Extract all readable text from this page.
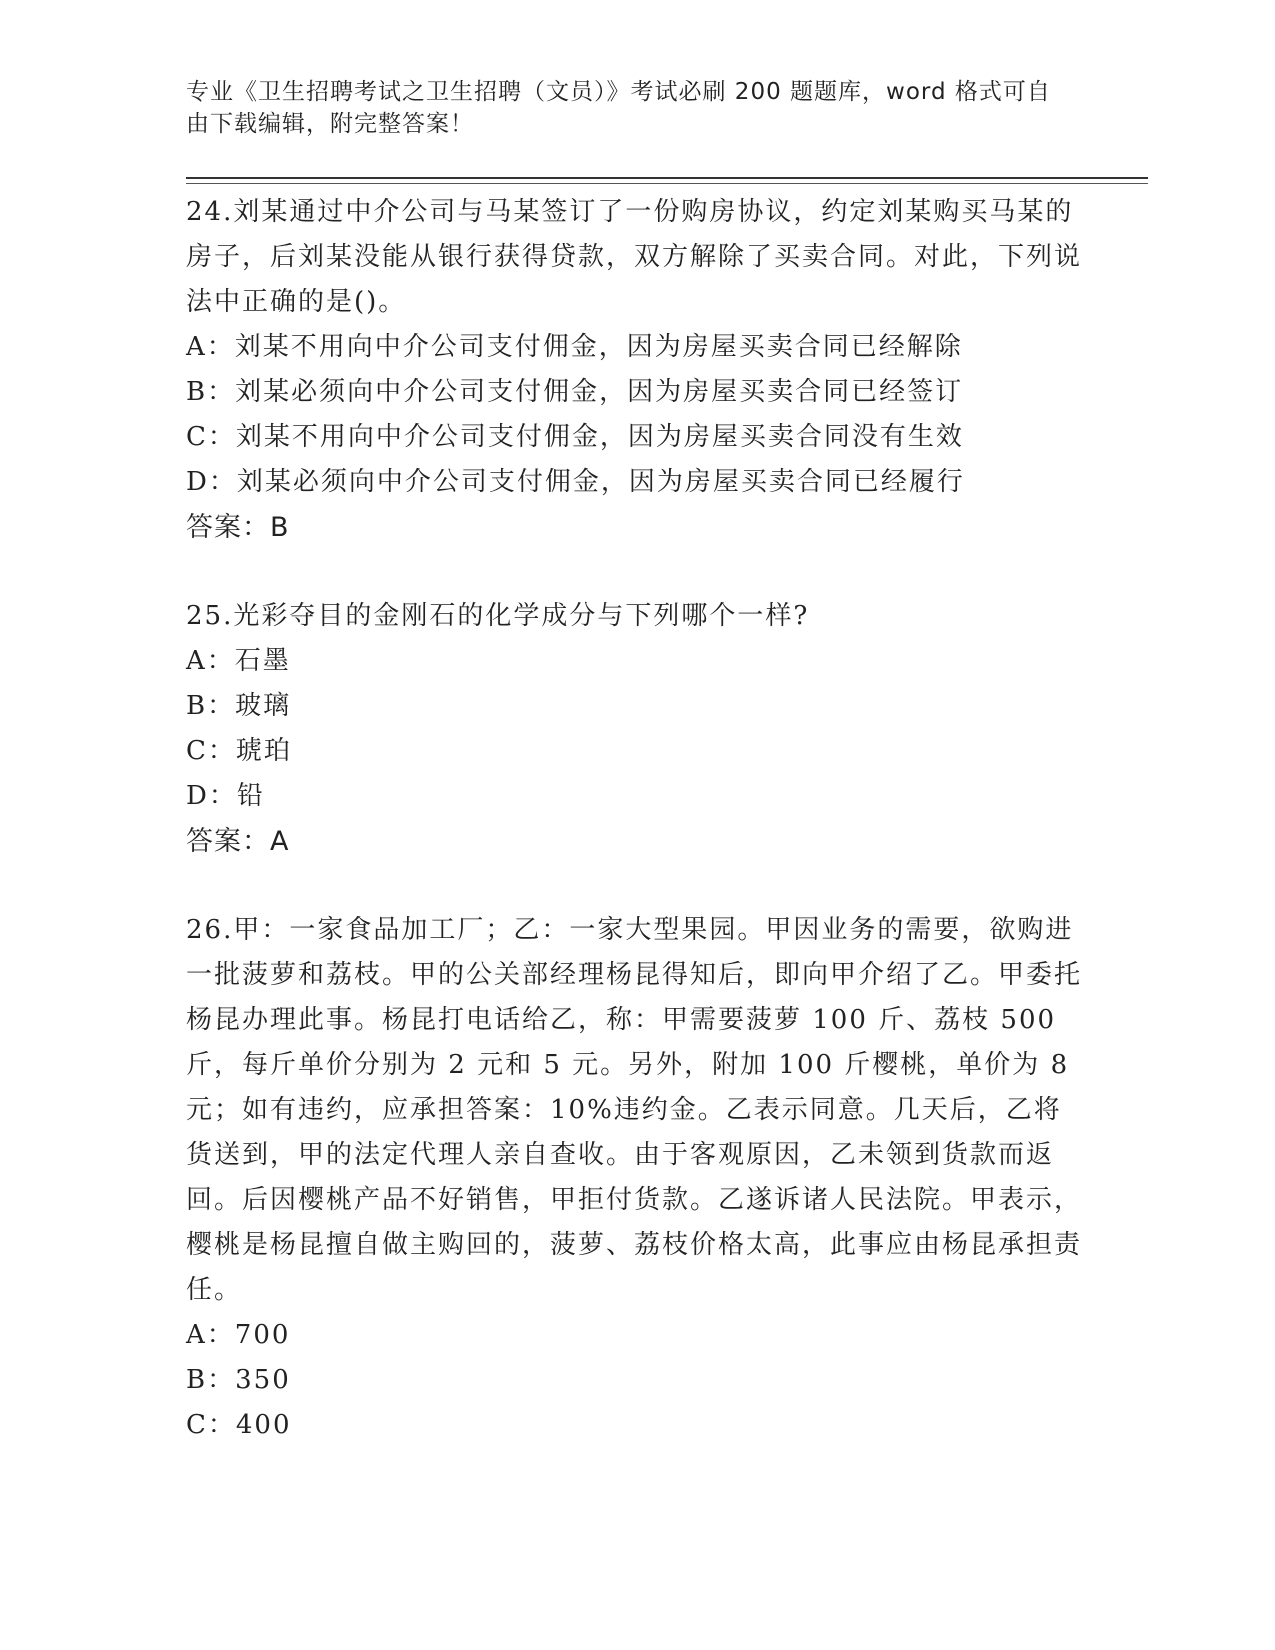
专业《卫生招聘考试之卫生招聘（文员）》考试必刷 200 题题库，word 格式可自由下载编辑，附完整答案！

24.刘某通过中介公司与马某签订了一份购房协议，约定刘某购买马某的房子，后刘某没能从银行获得贷款，双方解除了买卖合同。对此，下列说法中正确的是()。

A：刘某不用向中介公司支付佣金，因为房屋买卖合同已经解除

B：刘某必须向中介公司支付佣金，因为房屋买卖合同已经签订

C：刘某不用向中介公司支付佣金，因为房屋买卖合同没有生效

D：刘某必须向中介公司支付佣金，因为房屋买卖合同已经履行

答案：B

25.光彩夺目的金刚石的化学成分与下列哪个一样?

A：石墨

B：玻璃

C：琥珀

D：铅

答案：A

26.甲：一家食品加工厂；乙：一家大型果园。甲因业务的需要，欲购进一批菠萝和荔枝。甲的公关部经理杨昆得知后，即向甲介绍了乙。甲委托杨昆办理此事。杨昆打电话给乙，称：甲需要菠萝 100 斤、荔枝 500 斤，每斤单价分别为 2 元和 5 元。另外，附加 100 斤樱桃，单价为 8 元；如有违约，应承担答案：10%违约金。乙表示同意。几天后，乙将货送到，甲的法定代理人亲自查收。由于客观原因，乙未领到货款而返回。后因樱桃产品不好销售，甲拒付货款。乙遂诉诸人民法院。甲表示，樱桃是杨昆擅自做主购回的，菠萝、荔枝价格太高，此事应由杨昆承担责任。

A：700

B：350

C：400
